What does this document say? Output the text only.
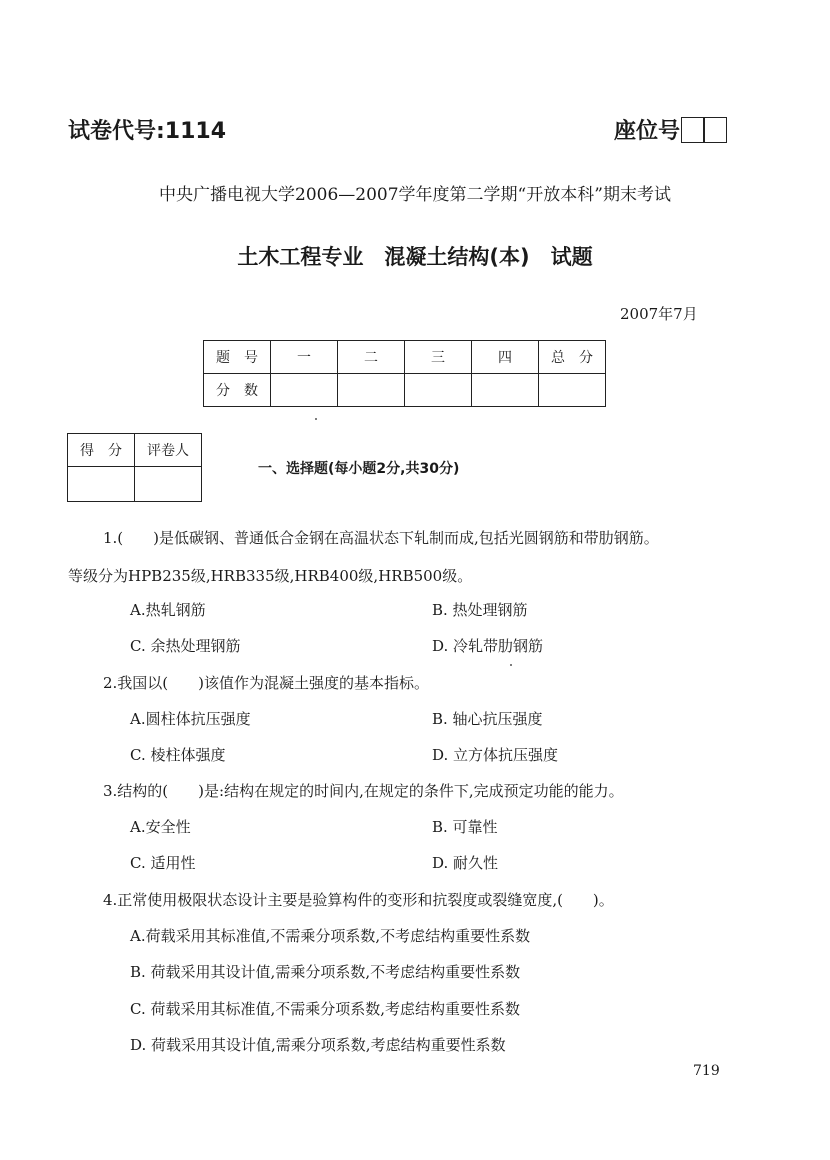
试卷代号:1114	座位号
中央广播电视大学2006—2007学年度第二学期“开放本科”期末考试
土木工程专业　混凝土结构(本)　试题
2007年7月
题　号	一	二	三	四	总　分
分　数					
得　分	评卷人

一、选择题(每小题2分,共30分)
1.(　　)是低碳钢、普通低合金钢在高温状态下轧制而成,包括光圆钢筋和带肋钢筋。
等级分为HPB235级,HRB335级,HRB400级,HRB500级。
A.热轧钢筋	B. 热处理钢筋
C. 余热处理钢筋	D. 冷轧带肋钢筋
2.我国以(　　)该值作为混凝土强度的基本指标。
A.圆柱体抗压强度	B. 轴心抗压强度
C. 棱柱体强度	D. 立方体抗压强度
3.结构的(　　)是:结构在规定的时间内,在规定的条件下,完成预定功能的能力。
A.安全性	B. 可靠性
C. 适用性	D. 耐久性
4.正常使用极限状态设计主要是验算构件的变形和抗裂度或裂缝宽度,(　　)。
A.荷载采用其标准值,不需乘分项系数,不考虑结构重要性系数
B. 荷载采用其设计值,需乘分项系数,不考虑结构重要性系数
C. 荷载采用其标准值,不需乘分项系数,考虑结构重要性系数
D. 荷载采用其设计值,需乘分项系数,考虑结构重要性系数
719
